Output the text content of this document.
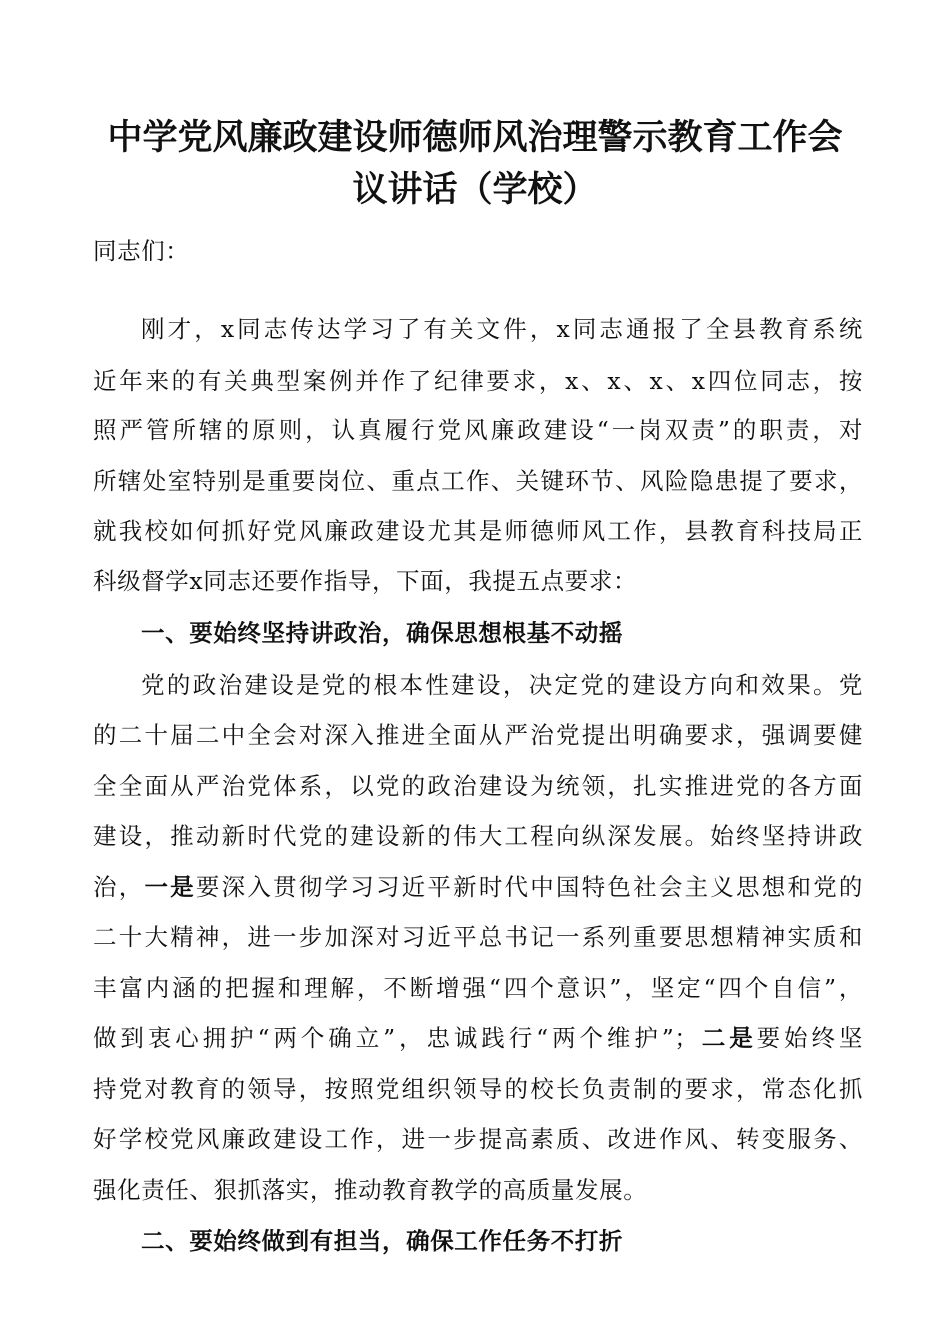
中学党风廉政建设师德师风治理警示教育工作会
议讲话（学校）
同志们：
刚才，x同志传达学习了有关文件，x同志通报了全县教育系统
近年来的有关典型案例并作了纪律要求，x、x、x、x四位同志，按
照严管所辖的原则，认真履行党风廉政建设“一岗双责”的职责，对
所辖处室特别是重要岗位、重点工作、关键环节、风险隐患提了要求，
就我校如何抓好党风廉政建设尤其是师德师风工作，县教育科技局正
科级督学x同志还要作指导，下面，我提五点要求：
一、要始终坚持讲政治，确保思想根基不动摇
党的政治建设是党的根本性建设，决定党的建设方向和效果。党
的二十届二中全会对深入推进全面从严治党提出明确要求，强调要健
全全面从严治党体系，以党的政治建设为统领，扎实推进党的各方面
建设，推动新时代党的建设新的伟大工程向纵深发展。始终坚持讲政
治，一是要深入贯彻学习习近平新时代中国特色社会主义思想和党的
二十大精神，进一步加深对习近平总书记一系列重要思想精神实质和
丰富内涵的把握和理解，不断增强“四个意识”，坚定“四个自信”，
做到衷心拥护“两个确立”，忠诚践行“两个维护”；二是要始终坚
持党对教育的领导，按照党组织领导的校长负责制的要求，常态化抓
好学校党风廉政建设工作，进一步提高素质、改进作风、转变服务、
强化责任、狠抓落实，推动教育教学的高质量发展。
二、要始终做到有担当，确保工作任务不打折
